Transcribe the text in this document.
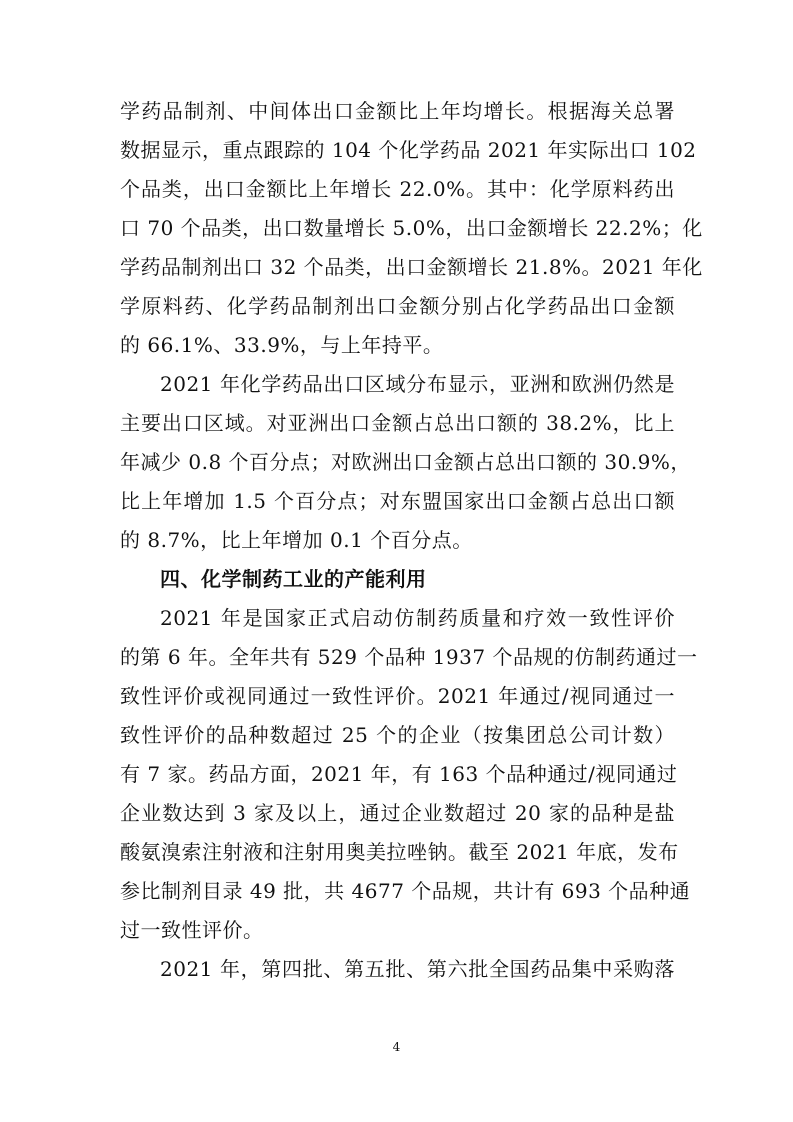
学药品制剂、中间体出口金额比上年均增长。根据海关总署
数据显示，重点跟踪的 104 个化学药品 2021 年实际出口 102
个品类，出口金额比上年增长 22.0%。其中：化学原料药出
口 70 个品类，出口数量增长 5.0%，出口金额增长 22.2%；化
学药品制剂出口 32 个品类，出口金额增长 21.8%。2021 年化
学原料药、化学药品制剂出口金额分别占化学药品出口金额
的 66.1%、33.9%，与上年持平。
2021 年化学药品出口区域分布显示，亚洲和欧洲仍然是
主要出口区域。对亚洲出口金额占总出口额的 38.2%，比上
年减少 0.8 个百分点；对欧洲出口金额占总出口额的 30.9%，
比上年增加 1.5 个百分点；对东盟国家出口金额占总出口额
的 8.7%，比上年增加 0.1 个百分点。
四、化学制药工业的产能利用
2021 年是国家正式启动仿制药质量和疗效一致性评价
的第 6 年。全年共有 529 个品种 1937 个品规的仿制药通过一
致性评价或视同通过一致性评价。2021 年通过/视同通过一
致性评价的品种数超过 25 个的企业（按集团总公司计数）
有 7 家。药品方面，2021 年，有 163 个品种通过/视同通过
企业数达到 3 家及以上，通过企业数超过 20 家的品种是盐
酸氨溴索注射液和注射用奥美拉唑钠。截至 2021 年底，发布
参比制剂目录 49 批，共 4677 个品规，共计有 693 个品种通
过一致性评价。
2021 年，第四批、第五批、第六批全国药品集中采购落
4
